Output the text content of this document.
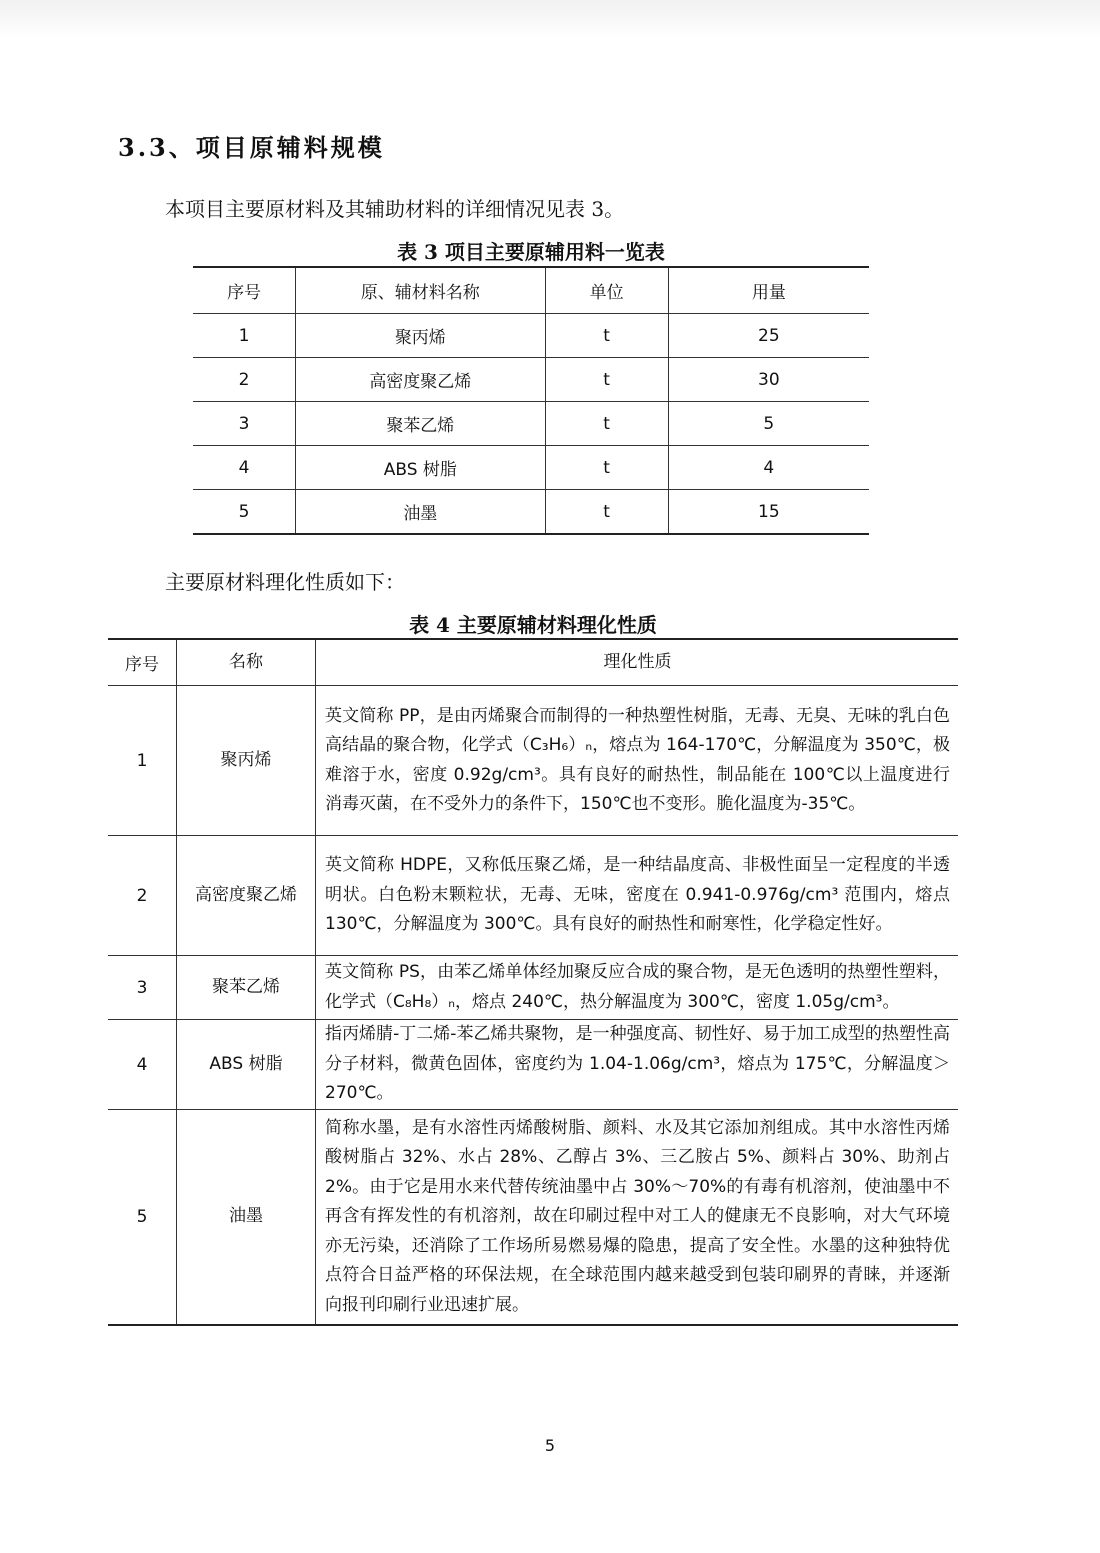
3.3、项目原辅料规模

本项目主要原材料及其辅助材料的详细情况见表 3。

表 3 项目主要原辅用料一览表

序号	原、辅材料名称	单位	用量
1	聚丙烯	t	25
2	高密度聚乙烯	t	30
3	聚苯乙烯	t	5
4	ABS 树脂	t	4
5	油墨	t	15

主要原材料理化性质如下：

表 4 主要原辅材料理化性质

序号	名称	理化性质
1	聚丙烯	英文简称 PP，是由丙烯聚合而制得的一种热塑性树脂，无毒、无臭、无味的乳白色高结晶的聚合物，化学式（C₃H₆）ₙ，熔点为 164-170℃，分解温度为 350℃，极难溶于水，密度 0.92g/cm³。具有良好的耐热性，制品能在 100℃以上温度进行消毒灭菌，在不受外力的条件下，150℃也不变形。脆化温度为-35℃。
2	高密度聚乙烯	英文简称 HDPE，又称低压聚乙烯，是一种结晶度高、非极性面呈一定程度的半透明状。白色粉末颗粒状，无毒、无味，密度在 0.941-0.976g/cm³ 范围内，熔点 130℃，分解温度为 300℃。具有良好的耐热性和耐寒性，化学稳定性好。
3	聚苯乙烯	英文简称 PS，由苯乙烯单体经加聚反应合成的聚合物，是无色透明的热塑性塑料，化学式（C₈H₈）ₙ，熔点 240℃，热分解温度为 300℃，密度 1.05g/cm³。
4	ABS 树脂	指丙烯腈-丁二烯-苯乙烯共聚物，是一种强度高、韧性好、易于加工成型的热塑性高分子材料，微黄色固体，密度约为 1.04-1.06g/cm³，熔点为 175℃，分解温度＞270℃。
5	油墨	简称水墨，是有水溶性丙烯酸树脂、颜料、水及其它添加剂组成。其中水溶性丙烯酸树脂占 32%、水占 28%、乙醇占 3%、三乙胺占 5%、颜料占 30%、助剂占 2%。由于它是用水来代替传统油墨中占 30%～70%的有毒有机溶剂，使油墨中不再含有挥发性的有机溶剂，故在印刷过程中对工人的健康无不良影响，对大气环境亦无污染，还消除了工作场所易燃易爆的隐患，提高了安全性。水墨的这种独特优点符合日益严格的环保法规，在全球范围内越来越受到包装印刷界的青睐，并逐渐向报刊印刷行业迅速扩展。

5
